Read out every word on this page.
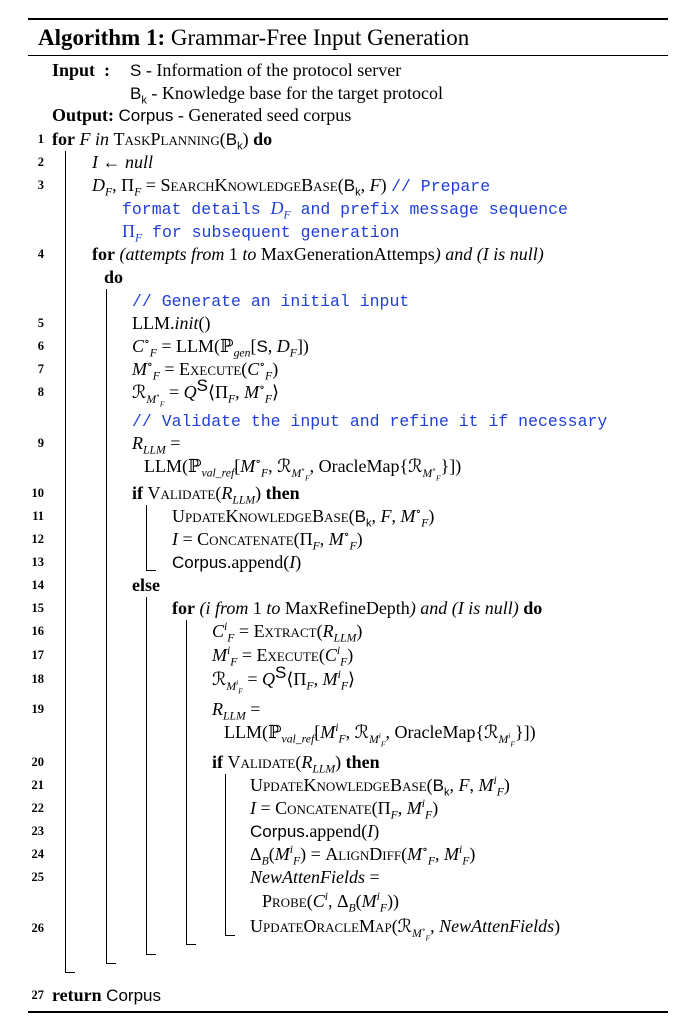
Algorithm 1: Grammar-Free Input Generation
Input : S - Information of the protocol server
$B_k$ - Knowledge base for the target protocol
Output: Corpus - Generated seed corpus
1
2
3
4
5
6
7
8
9
10
11
12
13
14
15
16
17
18
19
20
21
22
23
24
25
26
27
for F in $TaskPlanning(B_k)$ do
I ← null
$D_F$, $\Pi_F$ = $SearchKnowledgeBase(B_k$, F) // Prepare
format details $D_F$ and prefix message sequence
$\Pi_F$ for subsequent generation
for (attempts from 1 to MaxGenerationAttemps) and (I is null)
do
// Generate an initial input
LLM.init()
$C^\circ_F$ = LLM(ℙ$_{gen}$[S, $D_F$])
$M^\circ_F$ = $Execute(C^\circ_F)$
ℛ$_{M^\circ_F}$ = $Q^S⟨\Pi_F$, $M^\circ_F⟩$
// Validate the input and refine it if necessary
$R_{LLM}$ =
$LLM(ℙ_{val\_ref}[M^\circ_F$, ℛ$_{M^\circ_F}$, OracleMap{ℛ$_{M^\circ_F}$}])
if $Validate(R_{LLM})$ then
$UpdateKnowledgeBase(B_k$, F, $M^\circ_F$)
$I = Concatenate(\Pi_F$, $M^\circ_F$)
Corpus.append(I)
else
for (i from 1 to MaxRefineDepth) and (I is null) do
$C^i_F$ = $Extract(R_{LLM})$
$M^i_F$ = $Execute(C^i_F)$
ℛ$_{M^i_F}$ = $Q^S⟨\Pi_F$, $M^i_F⟩$
$R_{LLM}$ =
$LLM(ℙ_{val\_ref}[M^i_F$, ℛ$_{M^i_F}$, OracleMap{ℛ$_{M^i_F}$}])
if $Validate(R_{LLM})$ then
$UpdateKnowledgeBase(B_k$, F, $M^i_F$)
$I = Concatenate(\Pi_F$, $M^i_F$)
Corpus.append(I)
$\Delta_B(M^i_F)$ = $AlignDiff(M^\circ_F$, $M^i_F$)
NewAttenFields =
$Probe(C^i$, $\Delta_B(M^i_F)$)
UpdateOracleMap(ℛ$_{M^\circ_F}$, NewAttenFields)
return Corpus
